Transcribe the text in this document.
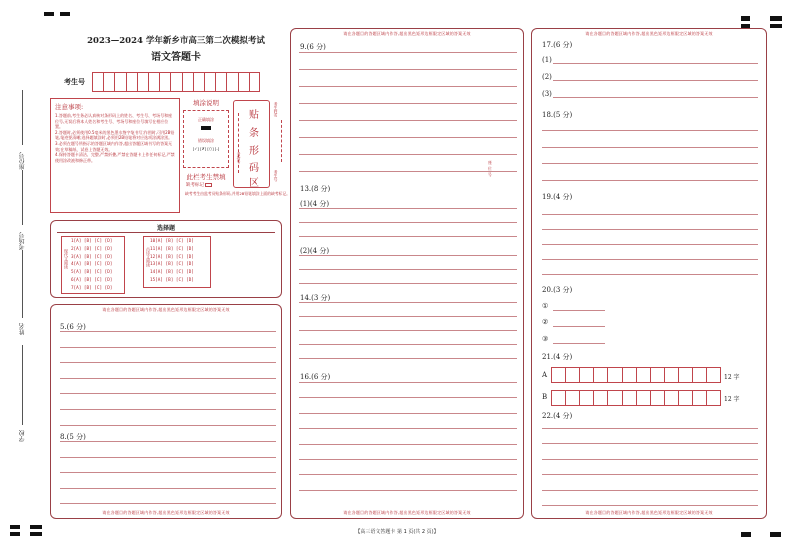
座位号
考场号
姓名
学校
2023—2024 学年新乡市高三第二次模拟考试
语文答题卡
考生号
注意事项:
1.答题前,考生务必认真核对条形码上的姓名、考生号、考场号和座位号,无误后将本人姓名和考生号、考场号和座位号填写在相应位置。
2.答题时,必须使用0.5毫米的黑色墨水签字笔书写;作图时,可用2B铅笔,笔迹要清晰;选择题填涂时,必须用2B铅笔将对应选项涂满涂黑。
3.必须在题号所指示的答题区域内作答,超出答题区域书写的答案无效;在草稿纸、试卷上答题无效。
4.保持答题卡清洁、完整,严禁折叠,严禁在答题卡上作任何标记,严禁使用涂改液和修正带。
填涂说明
正确填涂
错误填涂
[✓] [✗] [○] [-]
此栏考生禁填
缺考标记
缺考考生由监考员贴条形码,并用2B铅笔填涂上面的缺考标记。
贴
条
形
码
区
考生姓名
考生号
考场号	座位号
选择题
现代文阅读
1[A] [B] [C] [D]
2[A] [B] [C] [D]
3[A] [B] [C] [D]
4[A] [B] [C] [D]
5[A] [B] [C] [D]
6[A] [B] [C] [D]
7[A] [B] [C] [D]
古诗文阅读
10[A] [B] [C] [D]
11[A] [B] [C] [D]
12[A] [B] [C] [D]
13[A] [B] [C] [D]
14[A] [B] [C] [D]
15[A] [B] [C] [D]
请在各题目的答题区域内作答,超出黑色矩形边框限定区域的答案无效
请在各题目的答题区域内作答,超出黑色矩形边框限定区域的答案无效
5.(6 分)
8.(5 分)
请在各题目的答题区域内作答,超出黑色矩形边框限定区域的答案无效
请在各题目的答题区域内作答,超出黑色矩形边框限定区域的答案无效
9.(6 分)
13.(8 分)
(1)(4 分)
(2)(4 分)
14.(3 分)
16.(6 分)
请在各题目的答题区域内作答,超出黑色矩形边框限定区域的答案无效
请在各题目的答题区域内作答,超出黑色矩形边框限定区域的答案无效
17.(6 分)
(1)
(2)
(3)
18.(5 分)
19.(4 分)
20.(3 分)
①
②
③
21.(4 分)
A
B
12 字
12 字
22.(4 分)
【高三语文答题卡 第 1 页(共 2 页)】
